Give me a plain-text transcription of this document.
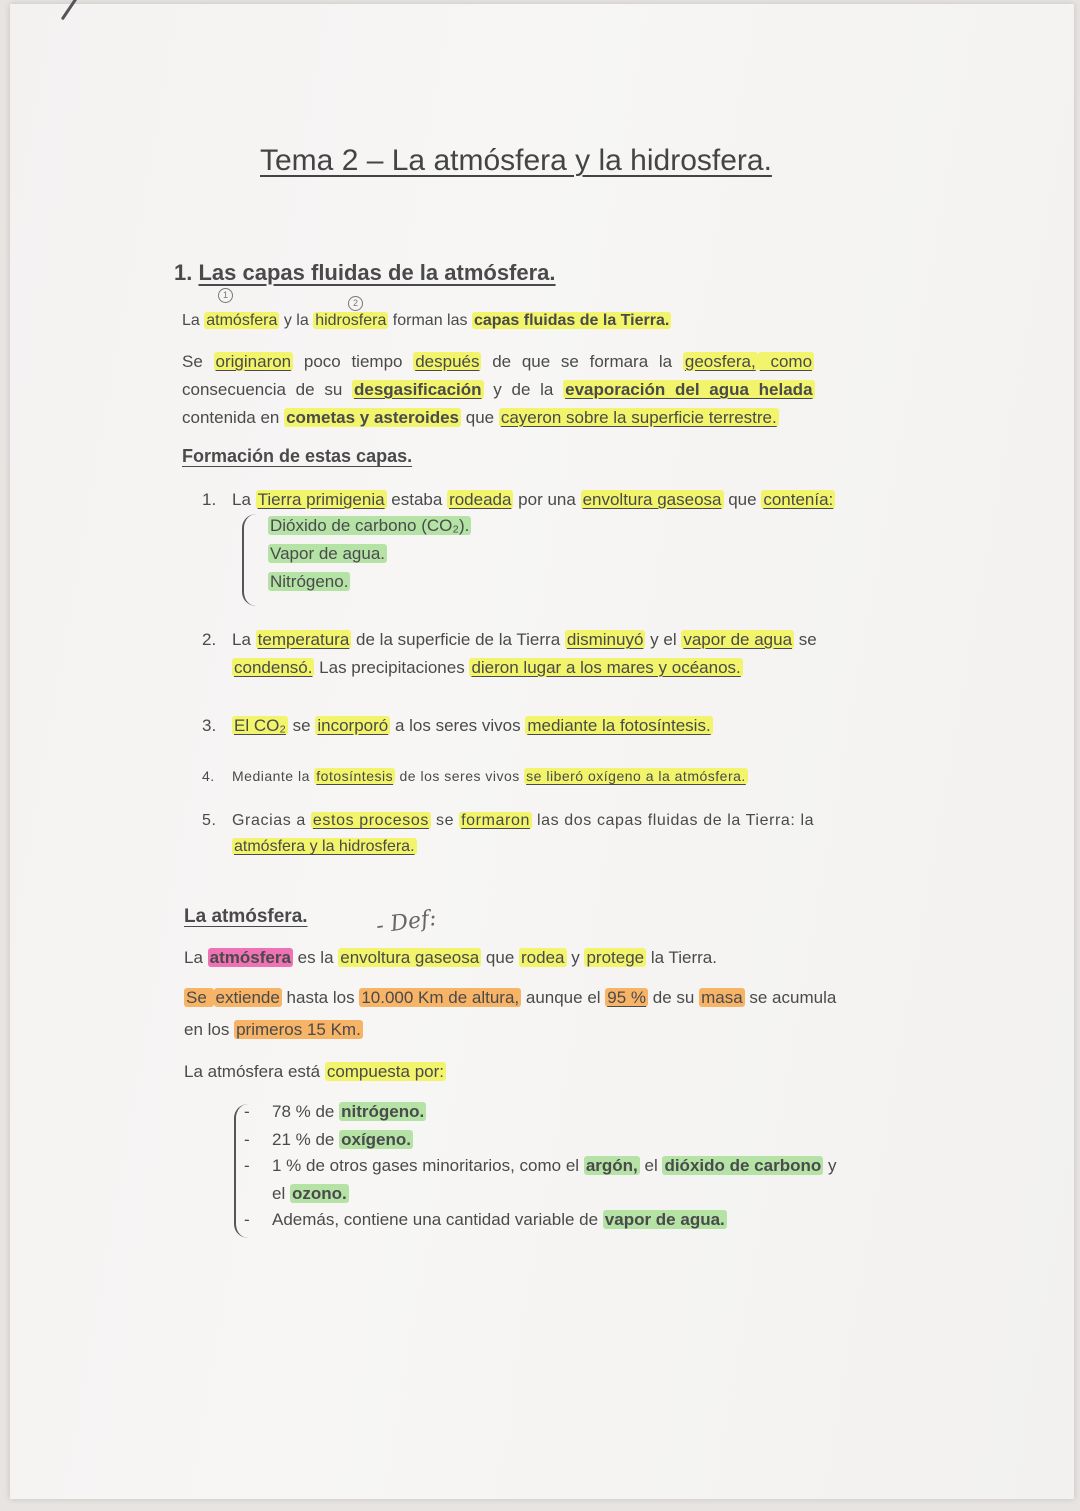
Tema 2 – La atmósfera y la hidrosfera.
1. Las capas fluidas de la atmósfera.
1
2

La atmósfera y la hidrosfera forman las capas fluidas de la Tierra.

Se originaron poco tiempo después de que se formara la geosfera, como

consecuencia de su desgasificación y de la evaporación del agua helada

contenida en cometas y asteroides que cayeron sobre la superficie terrestre.

Formación de estas capas.

1. La Tierra primigenia estaba rodeada por una envoltura gaseosa que contenía:

Dióxido de carbono (CO₂).

Vapor de agua.

Nitrógeno.

2. La temperatura de la superficie de la Tierra disminuyó y el vapor de agua se

condensó. Las precipitaciones dieron lugar a los mares y océanos.

3. El CO₂ se incorporó a los seres vivos mediante la fotosíntesis.

4. Mediante la fotosíntesis de los seres vivos se liberó oxígeno a la atmósfera.

5. Gracias a estos procesos se formaron las dos capas fluidas de la Tierra: la

atmósfera y la hidrosfera.

La atmósfera.	- Def:

La atmósfera es la envoltura gaseosa que rodea y protege la Tierra.

Se extiende hasta los 10.000 Km de altura, aunque el 95 % de su masa se acumula

en los primeros 15 Km.

La atmósfera está compuesta por:

- 78 % de nitrógeno.

- 21 % de oxígeno.

- 1 % de otros gases minoritarios, como el argón, el dióxido de carbono y

el ozono.

- Además, contiene una cantidad variable de vapor de agua.
